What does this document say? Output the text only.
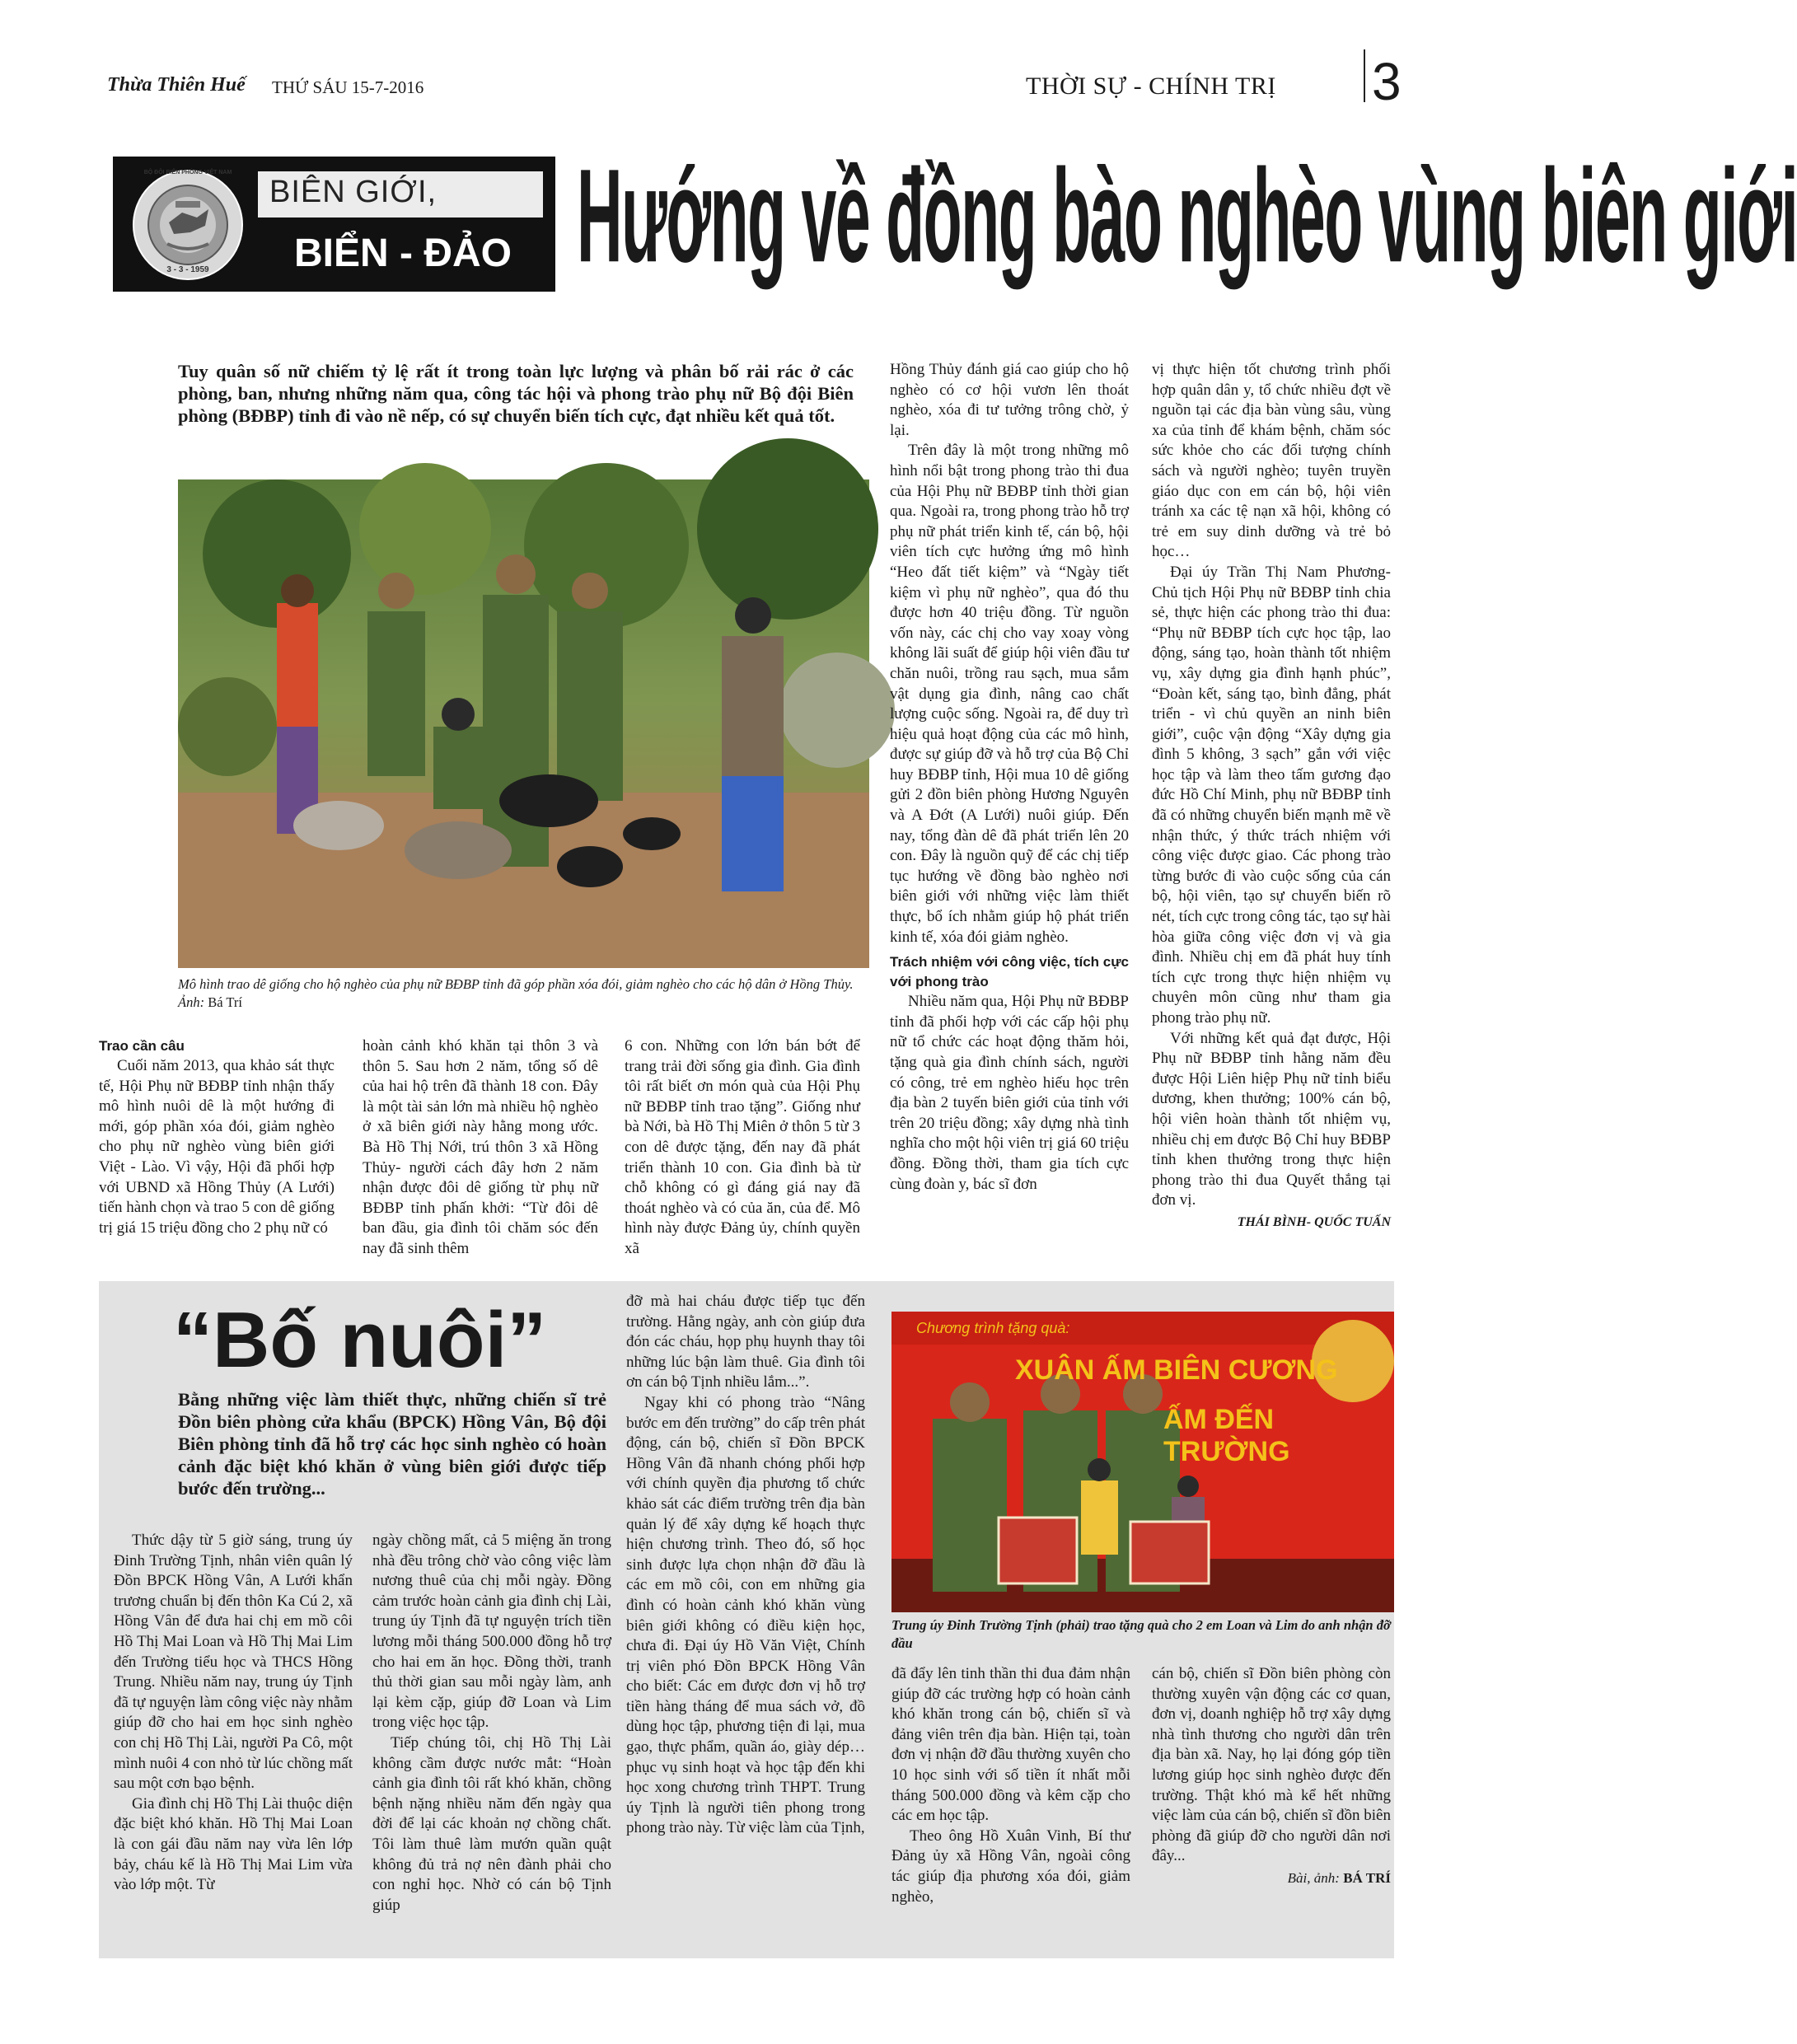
Thừa Thiên Huế THỨ SÁU 15-7-2016	THỜI SỰ - CHÍNH TRỊ 3
BỘ ĐỘI BIÊN PHÒNG VIỆT NAM
3 - 3 - 1959
BIÊN GIỚI,
BIỂN - ĐẢO Hướng về đồng bào nghèo vùng biên giới
Tuy quân số nữ chiếm tỷ lệ rất ít trong toàn lực lượng và phân bố rải rác ở các phòng, ban, nhưng những năm qua, công tác hội và phong trào phụ nữ Bộ đội Biên phòng (BĐBP) tỉnh đi vào nề nếp, có sự chuyển biến tích cực, đạt nhiều kết quả tốt.
Mô hình trao dê giống cho hộ nghèo của phụ nữ BĐBP tỉnh đã góp phần xóa đói, giảm nghèo cho các hộ dân ở Hồng Thủy. Ảnh: Bá Trí

Trao cần câu

Cuối năm 2013, qua khảo sát thực tế, Hội Phụ nữ BĐBP tỉnh nhận thấy mô hình nuôi dê là một hướng đi mới, góp phần xóa đói, giảm nghèo cho phụ nữ nghèo vùng biên giới Việt - Lào. Vì vậy, Hội đã phối hợp với UBND xã Hồng Thủy (A Lưới) tiến hành chọn và trao 5 con dê giống trị giá 15 triệu đồng cho 2 phụ nữ có

hoàn cảnh khó khăn tại thôn 3 và thôn 5. Sau hơn 2 năm, tổng số dê của hai hộ trên đã thành 18 con. Đây là một tài sản lớn mà nhiều hộ nghèo ở xã biên giới này hằng mong ước. Bà Hồ Thị Nới, trú thôn 3 xã Hồng Thủy- người cách đây hơn 2 năm nhận được đôi dê giống từ phụ nữ BĐBP tỉnh phấn khởi: “Từ đôi dê ban đầu, gia đình tôi chăm sóc đến nay đã sinh thêm

6 con. Những con lớn bán bớt để trang trải đời sống gia đình. Gia đình tôi rất biết ơn món quà của Hội Phụ nữ BĐBP tỉnh trao tặng”. Giống như bà Nới, bà Hồ Thị Miên ở thôn 5 từ 3 con dê được tặng, đến nay đã phát triển thành 10 con. Gia đình bà từ chỗ không có gì đáng giá nay đã thoát nghèo và có của ăn, của để. Mô hình này được Đảng ủy, chính quyền xã

Hồng Thủy đánh giá cao giúp cho hộ nghèo có cơ hội vươn lên thoát nghèo, xóa đi tư tưởng trông chờ, ỷ lại.

Trên đây là một trong những mô hình nổi bật trong phong trào thi đua của Hội Phụ nữ BĐBP tỉnh thời gian qua. Ngoài ra, trong phong trào hỗ trợ phụ nữ phát triển kinh tế, cán bộ, hội viên tích cực hưởng ứng mô hình “Heo đất tiết kiệm” và “Ngày tiết kiệm vì phụ nữ nghèo”, qua đó thu được hơn 40 triệu đồng. Từ nguồn vốn này, các chị cho vay xoay vòng không lãi suất để giúp hội viên đầu tư chăn nuôi, trồng rau sạch, mua sắm vật dụng gia đình, nâng cao chất lượng cuộc sống. Ngoài ra, để duy trì hiệu quả hoạt động của các mô hình, được sự giúp đỡ và hỗ trợ của Bộ Chỉ huy BĐBP tỉnh, Hội mua 10 dê giống gửi 2 đồn biên phòng Hương Nguyên và A Đớt (A Lưới) nuôi giúp. Đến nay, tổng đàn dê đã phát triển lên 20 con. Đây là nguồn quỹ để các chị tiếp tục hướng về đồng bào nghèo nơi biên giới với những việc làm thiết thực, bổ ích nhằm giúp hộ phát triển kinh tế, xóa đói giảm nghèo.

Trách nhiệm với công việc, tích cực với phong trào

Nhiều năm qua, Hội Phụ nữ BĐBP tỉnh đã phối hợp với các cấp hội phụ nữ tổ chức các hoạt động thăm hỏi, tặng quà gia đình chính sách, người có công, trẻ em nghèo hiếu học trên địa bàn 2 tuyến biên giới của tỉnh với trên 20 triệu đồng; xây dựng nhà tình nghĩa cho một hội viên trị giá 60 triệu đồng. Đồng thời, tham gia tích cực cùng đoàn y, bác sĩ đơn

vị thực hiện tốt chương trình phối hợp quân dân y, tổ chức nhiều đợt về nguồn tại các địa bàn vùng sâu, vùng xa của tỉnh để khám bệnh, chăm sóc sức khỏe cho các đối tượng chính sách và người nghèo; tuyên truyền giáo dục con em cán bộ, hội viên tránh xa các tệ nạn xã hội, không có trẻ em suy dinh dưỡng và trẻ bỏ học…

Đại úy Trần Thị Nam Phương- Chủ tịch Hội Phụ nữ BĐBP tỉnh chia sẻ, thực hiện các phong trào thi đua: “Phụ nữ BĐBP tích cực học tập, lao động, sáng tạo, hoàn thành tốt nhiệm vụ, xây dựng gia đình hạnh phúc”, “Đoàn kết, sáng tạo, bình đẳng, phát triển - vì chủ quyền an ninh biên giới”, cuộc vận động “Xây dựng gia đình 5 không, 3 sạch” gắn với việc học tập và làm theo tấm gương đạo đức Hồ Chí Minh, phụ nữ BĐBP tỉnh đã có những chuyển biến mạnh mẽ về nhận thức, ý thức trách nhiệm với công việc được giao. Các phong trào từng bước đi vào cuộc sống của cán bộ, hội viên, tạo sự chuyển biến rõ nét, tích cực trong công tác, tạo sự hài hòa giữa công việc đơn vị và gia đình. Nhiều chị em đã phát huy tính tích cực trong thực hiện nhiệm vụ chuyên môn cũng như tham gia phong trào phụ nữ.

Với những kết quả đạt được, Hội Phụ nữ BĐBP tỉnh hằng năm đều được Hội Liên hiệp Phụ nữ tỉnh biểu dương, khen thưởng; 100% cán bộ, hội viên hoàn thành tốt nhiệm vụ, nhiều chị em được Bộ Chỉ huy BĐBP tỉnh khen thưởng trong thực hiện phong trào thi đua Quyết thắng tại đơn vị.

THÁI BÌNH- QUỐC TUẤN
“Bố nuôi”
Bằng những việc làm thiết thực, những chiến sĩ trẻ Đồn biên phòng cửa khẩu (BPCK) Hồng Vân, Bộ đội Biên phòng tỉnh đã hỗ trợ các học sinh nghèo có hoàn cảnh đặc biệt khó khăn ở vùng biên giới được tiếp bước đến trường...

Thức dậy từ 5 giờ sáng, trung úy Đinh Trường Tịnh, nhân viên quân lý Đồn BPCK Hồng Vân, A Lưới khẩn trương chuẩn bị đến thôn Ka Cú 2, xã Hồng Vân để đưa hai chị em mồ côi Hồ Thị Mai Loan và Hồ Thị Mai Lim đến Trường tiểu học và THCS Hồng Trung. Nhiều năm nay, trung úy Tịnh đã tự nguyện làm công việc này nhằm giúp đỡ cho hai em học sinh nghèo con chị Hồ Thị Lài, người Pa Cô, một mình nuôi 4 con nhỏ từ lúc chồng mất sau một cơn bạo bệnh.

Gia đình chị Hồ Thị Lài thuộc diện đặc biệt khó khăn. Hồ Thị Mai Loan là con gái đầu năm nay vừa lên lớp bảy, cháu kế là Hồ Thị Mai Lim vừa vào lớp một. Từ

ngày chồng mất, cả 5 miệng ăn trong nhà đều trông chờ vào công việc làm nương thuê của chị mỗi ngày. Đồng cảm trước hoàn cảnh gia đình chị Lài, trung úy Tịnh đã tự nguyện trích tiền lương mỗi tháng 500.000 đồng hỗ trợ cho hai em ăn học. Đồng thời, tranh thủ thời gian sau mỗi ngày làm, anh lại kèm cặp, giúp đỡ Loan và Lim trong việc học tập.

Tiếp chúng tôi, chị Hồ Thị Lài không cầm được nước mắt: “Hoàn cảnh gia đình tôi rất khó khăn, chồng bệnh nặng nhiều năm đến ngày qua đời để lại các khoản nợ chồng chất. Tôi làm thuê làm mướn quần quật không đủ trả nợ nên đành phải cho con nghỉ học. Nhờ có cán bộ Tịnh giúp

đỡ mà hai cháu được tiếp tục đến trường. Hằng ngày, anh còn giúp đưa đón các cháu, họp phụ huynh thay tôi những lúc bận làm thuê. Gia đình tôi ơn cán bộ Tịnh nhiều lắm...”.

Ngay khi có phong trào “Nâng bước em đến trường” do cấp trên phát động, cán bộ, chiến sĩ Đồn BPCK Hồng Vân đã nhanh chóng phối hợp với chính quyền địa phương tổ chức khảo sát các điểm trường trên địa bàn quản lý để xây dựng kế hoạch thực hiện chương trình. Theo đó, số học sinh được lựa chọn nhận đỡ đầu là các em mồ côi, con em những gia đình có hoàn cảnh khó khăn vùng biên giới không có điều kiện học, chưa đi. Đại úy Hồ Văn Việt, Chính trị viên phó Đồn BPCK Hồng Vân cho biết: Các em được đơn vị hỗ trợ tiền hàng tháng để mua sách vở, đồ dùng học tập, phương tiện đi lại, mua gạo, thực phẩm, quần áo, giày dép… phục vụ sinh hoạt và học tập đến khi học xong chương trình THPT. Trung úy Tịnh là người tiên phong trong phong trào này. Từ việc làm của Tịnh,

Chương trình tặng quà:
XUÂN ẤM BIÊN CƯƠNG
ẤM ĐẾN TRƯỜNG
Trung úy Đinh Trường Tịnh (phải) trao tặng quà cho 2 em Loan và Lim do anh nhận đỡ đầu

đã đẩy lên tinh thần thi đua đảm nhận giúp đỡ các trường hợp có hoàn cảnh khó khăn trong cán bộ, chiến sĩ và đảng viên trên địa bàn. Hiện tại, toàn đơn vị nhận đỡ đầu thường xuyên cho 10 học sinh với số tiền ít nhất mỗi tháng 500.000 đồng và kêm cặp cho các em học tập.

Theo ông Hồ Xuân Vinh, Bí thư Đảng ủy xã Hồng Vân, ngoài công tác giúp địa phương xóa đói, giảm nghèo,

cán bộ, chiến sĩ Đồn biên phòng còn thường xuyên vận động các cơ quan, đơn vị, doanh nghiệp hỗ trợ xây dựng nhà tình thương cho người dân trên địa bàn xã. Nay, họ lại đóng góp tiền lương giúp học sinh nghèo được đến trường. Thật khó mà kể hết những việc làm của cán bộ, chiến sĩ đồn biên phòng đã giúp đỡ cho người dân nơi đây...

Bài, ảnh: BÁ TRÍ
